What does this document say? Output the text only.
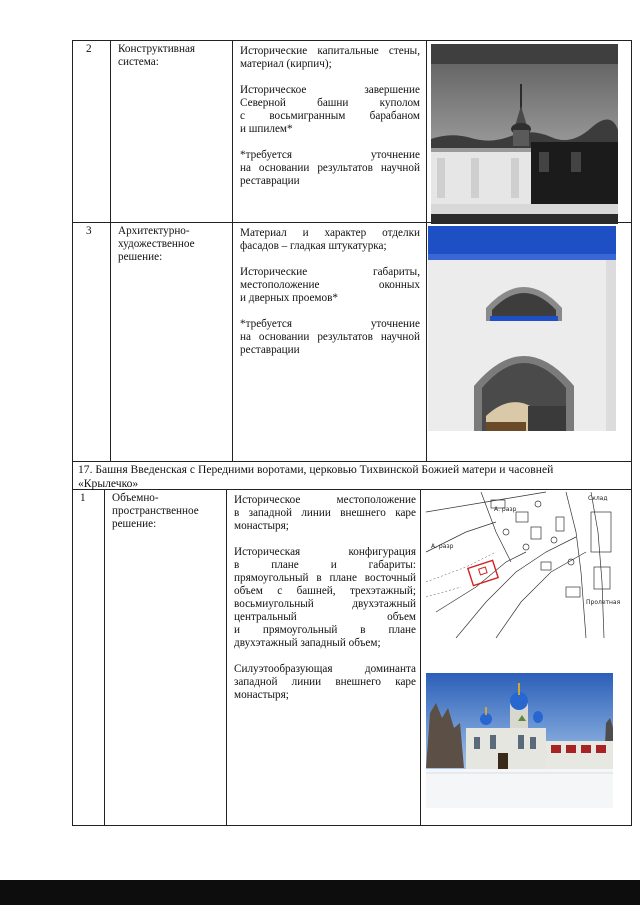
2 Конструктивная

система:

Исторические капитальные стены,

материал (кирпич);

Историческое завершение

Северной башни куполом

с восьмигранным барабаном

и шпилем*

*требуется уточнение

на основании результатов научной

реставрации

3 Архитектурно-

художественное

решение:

Материал и характер отделки

фасадов – гладкая штукатурка;

Исторические габариты,

местоположение оконных

и дверных проемов*

*требуется уточнение

на основании результатов научной

реставрации

17. Башня Введенская с Передними воротами, церковью Тихвинской Божией матери и часовней

«Крылечко»

1 Объемно-

пространственное

решение:

Историческое местоположение

в западной линии внешнего каре

монастыря;

Историческая конфигурация

в плане и габариты:

прямоугольный в плане восточный

объем с башней, трехэтажный;

восьмиугольный двухэтажный

центральный объем

и прямоугольный в плане

двухэтажный западный объем;

Силуэтообразующая доминанта

западной линии внешнего каре

монастыря;

А. разр
А. разр
Склад
Пролетная
